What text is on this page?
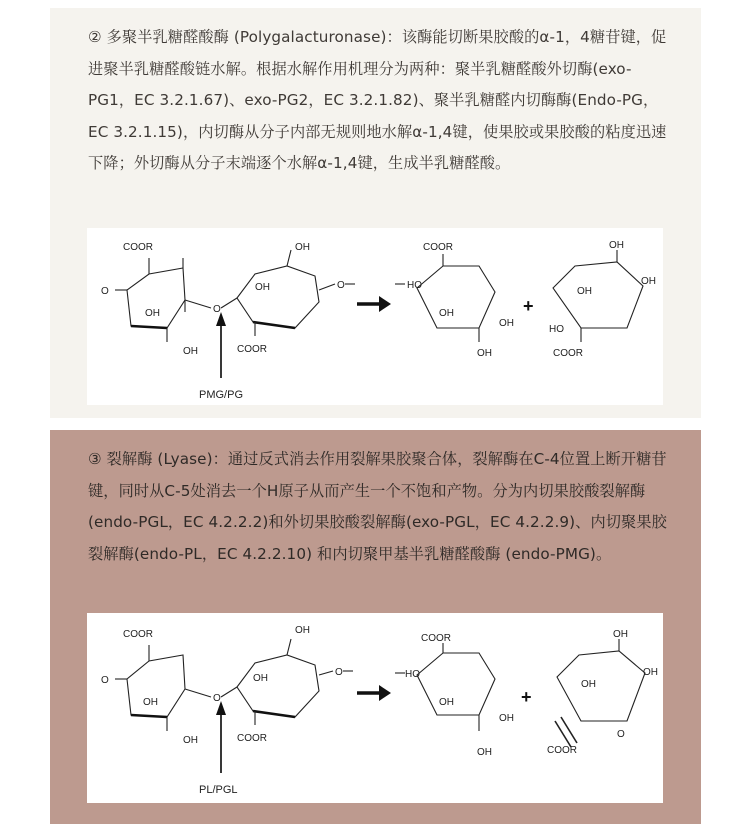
② 多聚半乳糖醛酸酶 (Polygalacturonase)：该酶能切断果胶酸的α-1，4糖苷键，促进聚半乳糖醛酸链水解。根据水解作用机理分为两种：聚半乳糖醛酸外切酶(exo-PG1，EC 3.2.1.67)、exo-PG2，EC 3.2.1.82)、聚半乳糖醛内切酶酶(Endo-PG，EC 3.2.1.15)，内切酶从分子内部无规则地水解α-1,4键，使果胶或果胶酸的粘度迅速下降；外切酶从分子末端逐个水解α-1,4键，生成半乳糖醛酸。

COOR
O
OH
OH
O
OH
OH
COOR
O
PMG/PG
COOR
HO
OH
OH
OH
+
OH
OH
OH
HO
COOR

③ 裂解酶 (Lyase)：通过反式消去作用裂解果胶聚合体，裂解酶在C-4位置上断开糖苷键，同时从C-5处消去一个H原子从而产生一个不饱和产物。分为内切果胶酸裂解酶(endo-PGL，EC 4.2.2.2)和外切果胶酸裂解酶(exo-PGL，EC 4.2.2.9)、内切聚果胶裂解酶(endo-PL，EC 4.2.2.10) 和内切聚甲基半乳糖醛酸酶 (endo-PMG)。

COOR
O
OH
OH
O
OH
OH
COOR
O
PL/PGL
COOR
HO
OH
OH
OH
+
OH
OH
OH
O
COOR
